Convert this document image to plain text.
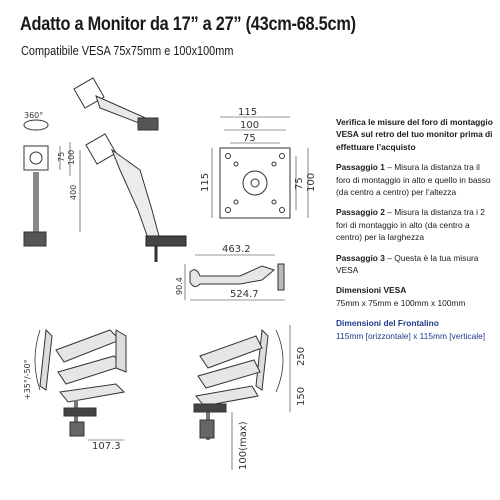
Adatto a Monitor da 17” a 27” (43cm-68.5cm)
Compatibile VESA 75x75mm e 100x100mm
360°
75 100
400
115
100
75
115	75 100
463.2
90.4	524.7
+35°/-50°
107.3
250
150
100(max)

Verifica le misure del foro di montaggio VESA sul retro del tuo monitor prima di effettuare l’acquisto

Passaggio 1 – Misura la distanza tra il foro di montaggio in alto e quello in basso (da centro a centro) per l’altezza

Passaggio 2 – Misura la distanza tra i 2 fori di montaggio in alto (da centro a centro) per la larghezza

Passaggio 3 – Questa è la tua misura VESA

Dimensioni VESA
75mm x 75mm e 100mm x 100mm

Dimensioni del Frontalino
115mm [orizzontale] x 115mm [verticale]
